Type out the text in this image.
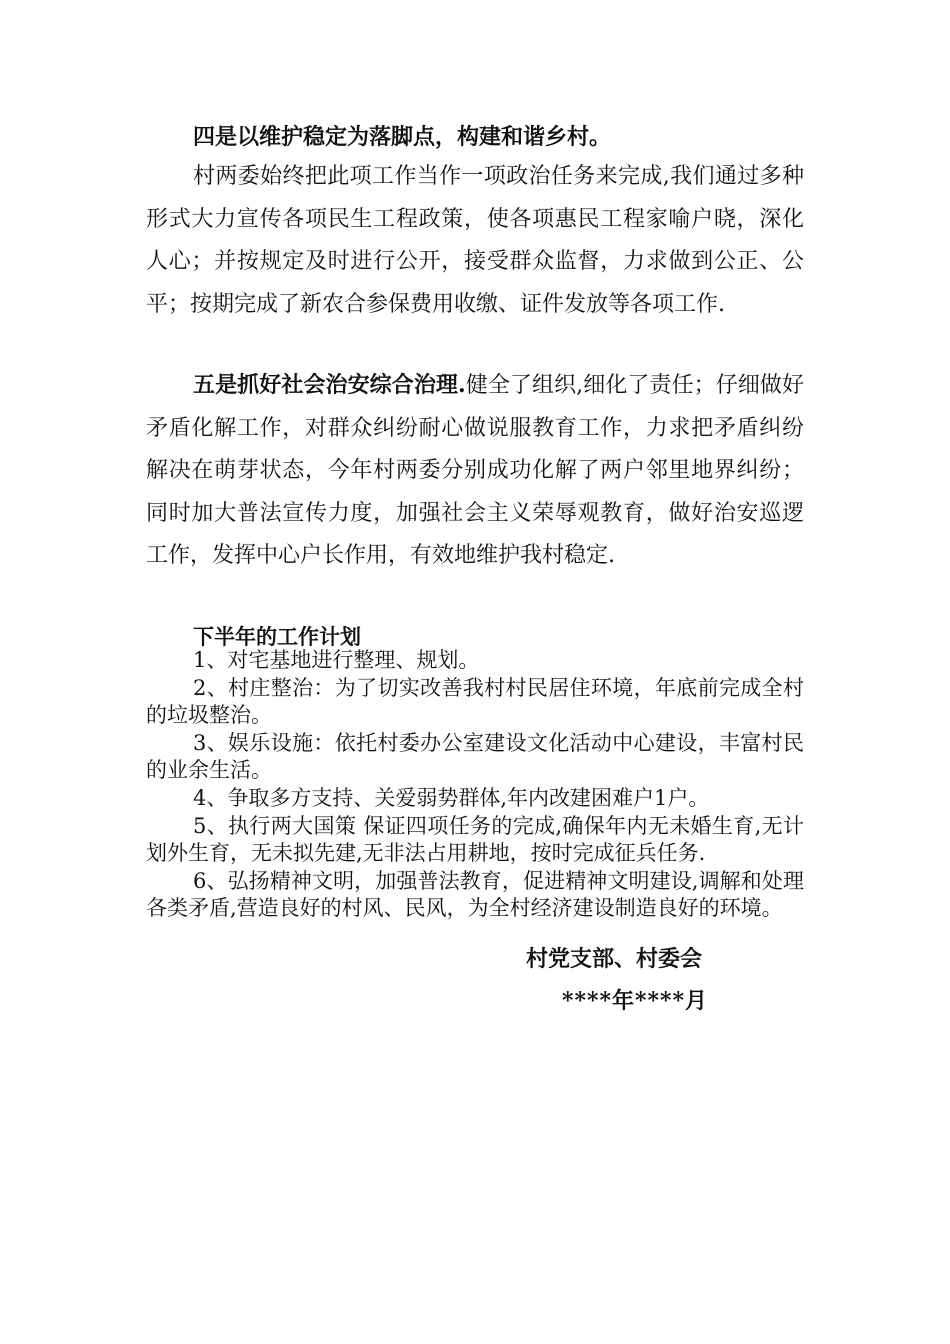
四是以维护稳定为落脚点，构建和谐乡村。

村两委始终把此项工作当作一项政治任务来完成,我们通过多种形式大力宣传各项民生工程政策，使各项惠民工程家喻户晓，深化人心；并按规定及时进行公开，接受群众监督，力求做到公正、公平；按期完成了新农合参保费用收缴、证件发放等各项工作.

五是抓好社会治安综合治理.健全了组织,细化了责任；仔细做好矛盾化解工作，对群众纠纷耐心做说服教育工作，力求把矛盾纠纷解决在萌芽状态，今年村两委分别成功化解了两户邻里地界纠纷；同时加大普法宣传力度，加强社会主义荣辱观教育，做好治安巡逻工作，发挥中心户长作用，有效地维护我村稳定.

下半年的工作计划

1、对宅基地进行整理、规划。

2、村庄整治：为了切实改善我村村民居住环境，年底前完成全村的垃圾整治。

3、娱乐设施：依托村委办公室建设文化活动中心建设，丰富村民的业余生活。

4、争取多方支持、关爱弱势群体,年内改建困难户1户。

5、执行两大国策 保证四项任务的完成,确保年内无未婚生育,无计划外生育，无未拟先建,无非法占用耕地，按时完成征兵任务.

6、弘扬精神文明，加强普法教育，促进精神文明建设,调解和处理各类矛盾,营造良好的村风、民风，为全村经济建设制造良好的环境。

村党支部、村委会
****年****月
